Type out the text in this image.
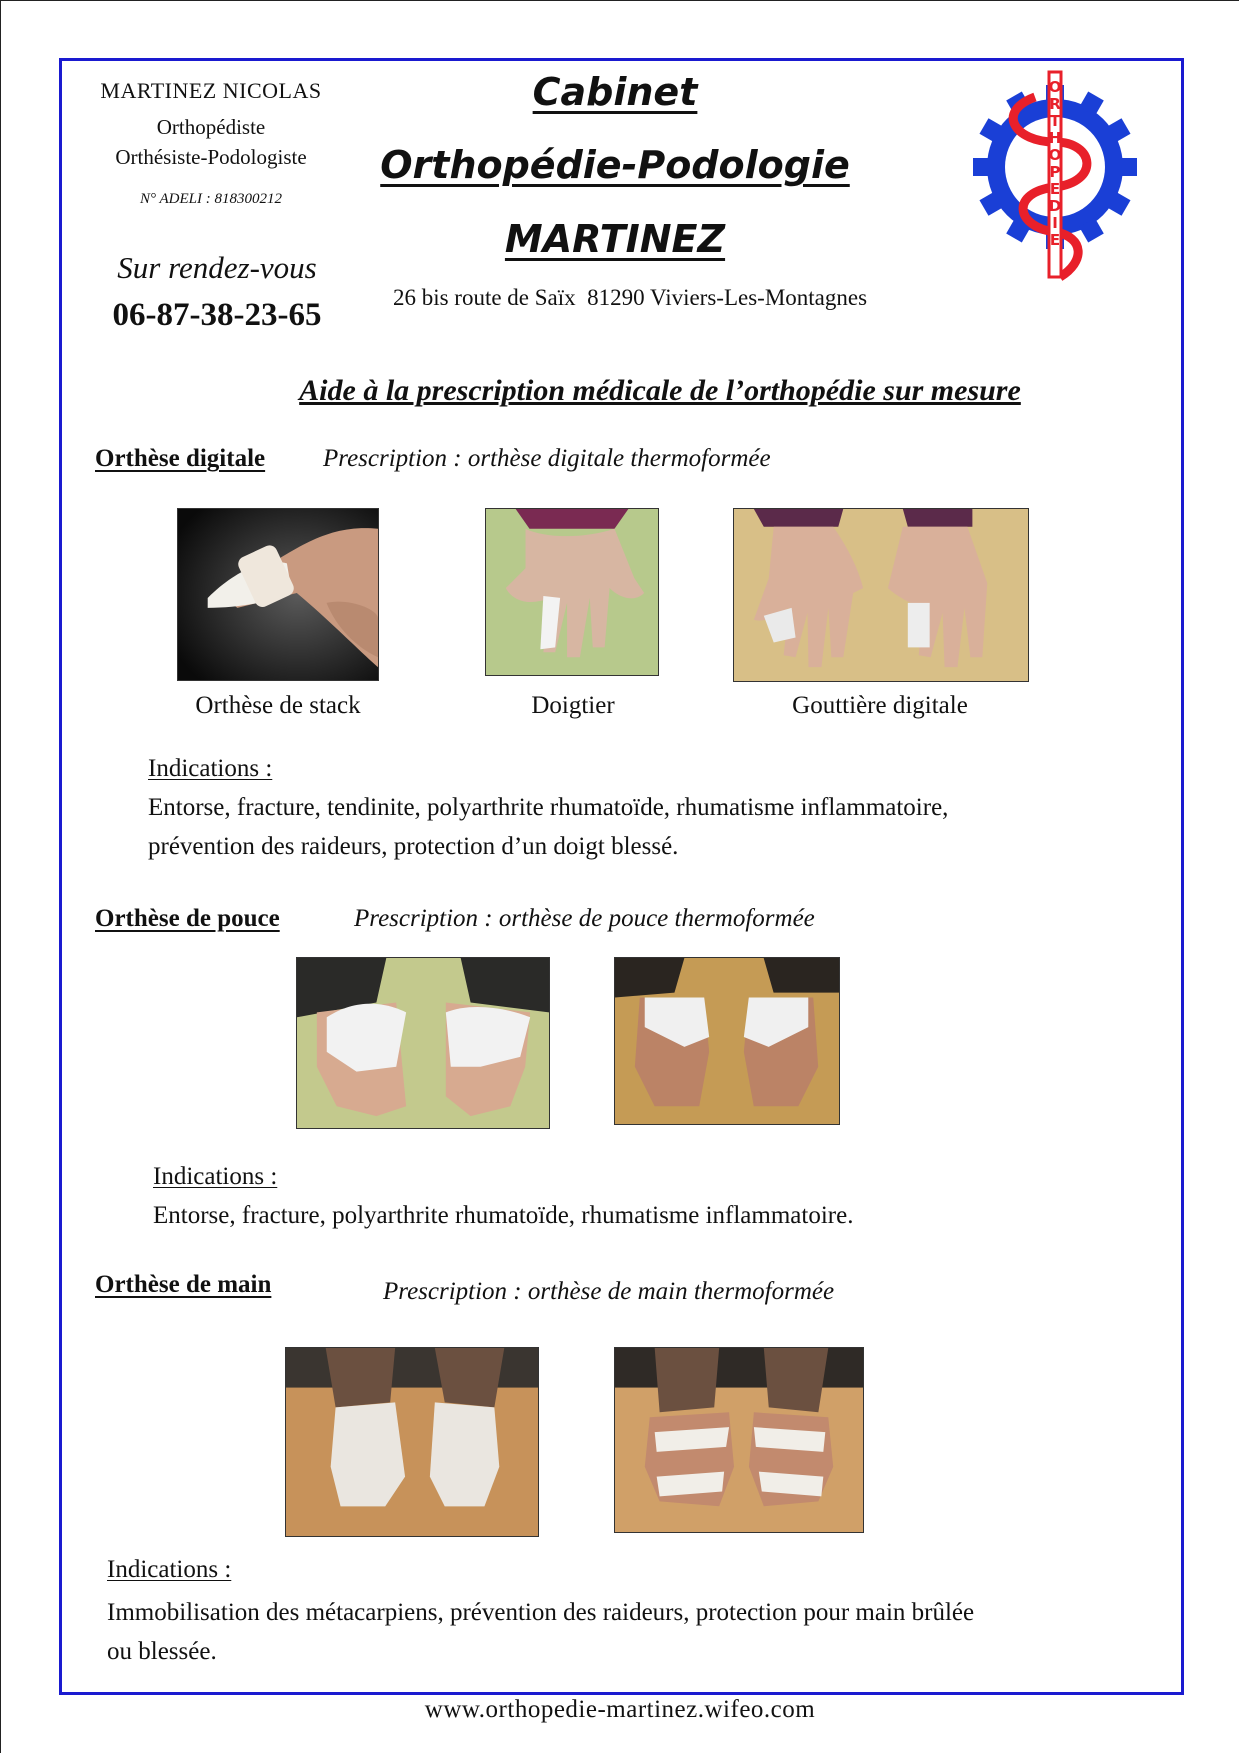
MARTINEZ NICOLAS
Orthopédiste
Orthésiste-Podologiste
N° ADELI : 818300212
Sur rendez-vous
06-87-38-23-65
Cabinet
Orthopédie-Podologie
MARTINEZ
26 bis route de Saïx  81290 Viviers-Les-Montagnes
O
R
T
H
O
P
E
D
I
E
Aide à la prescription médicale de l’orthopédie sur mesure
Orthèse digitale Prescription : orthèse digitale thermoformée
Orthèse de stack	Doigtier	Gouttière digitale
Indications :
Entorse, fracture, tendinite, polyarthrite rhumatoïde, rhumatisme inflammatoire,
prévention des raideurs, protection d’un doigt blessé.
Orthèse de pouce	Prescription : orthèse de pouce thermoformée
Indications :
Entorse, fracture, polyarthrite rhumatoïde, rhumatisme inflammatoire.
Orthèse de main	Prescription : orthèse de main thermoformée
Indications :
Immobilisation des métacarpiens, prévention des raideurs, protection pour main brûlée
ou blessée.
www.orthopedie-martinez.wifeo.com
